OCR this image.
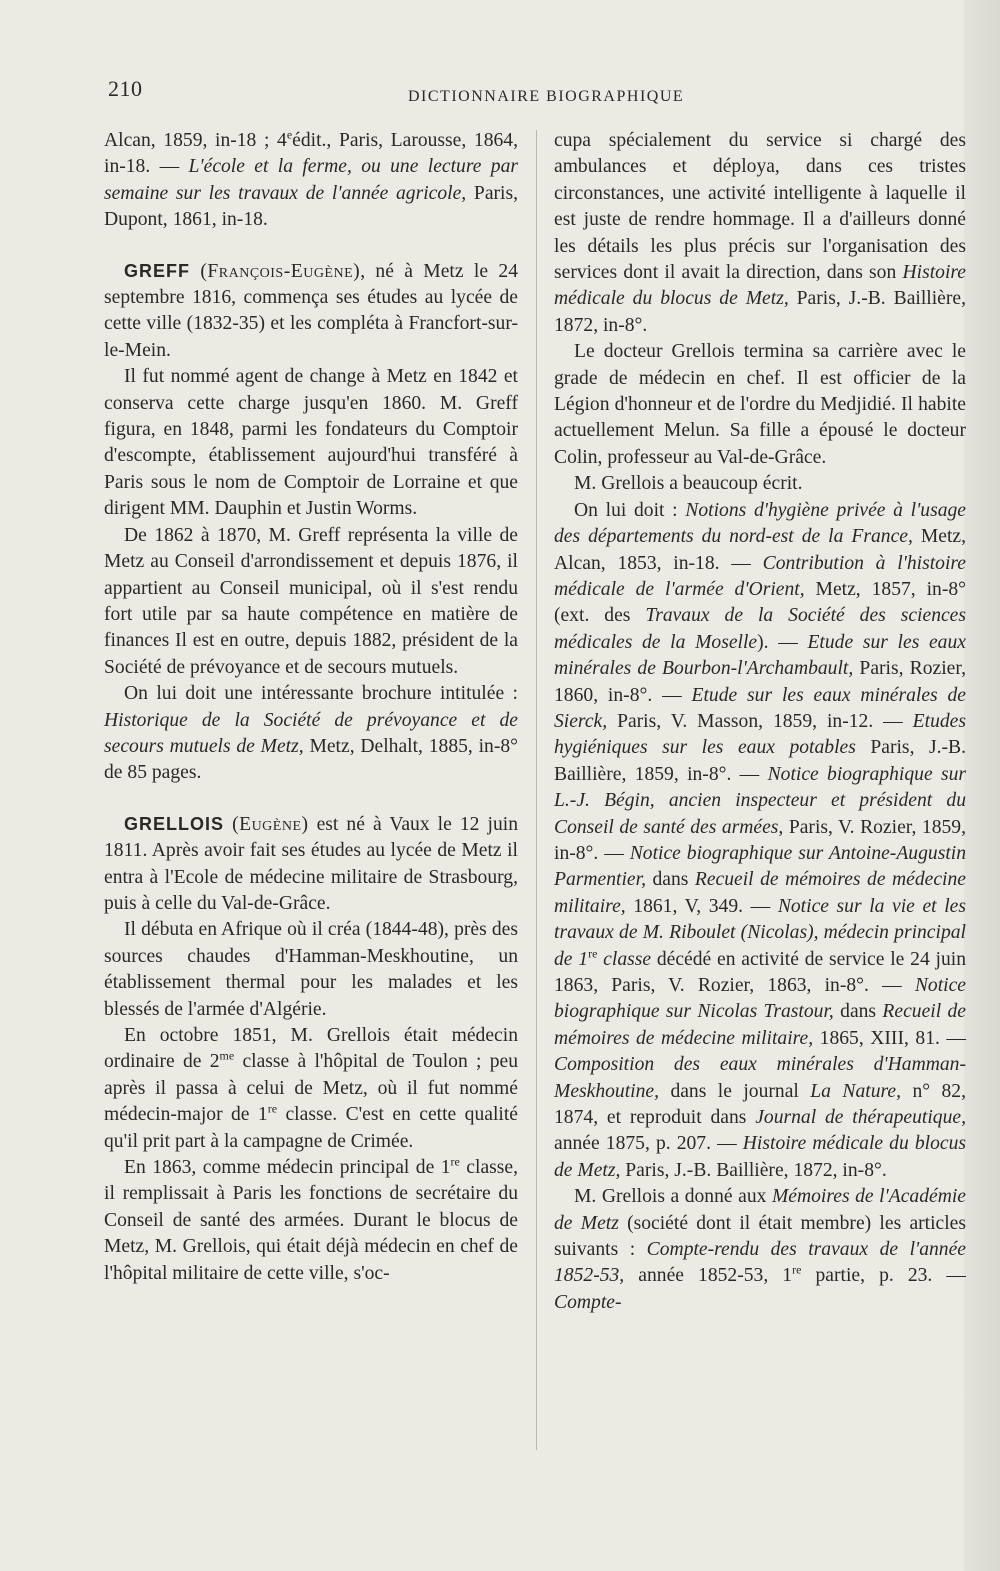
210	DICTIONNAIRE BIOGRAPHIQUE

Alcan, 1859, in-18 ; 4eédit., Paris, Larousse, 1864, in-18. — L'école et la ferme, ou une lecture par semaine sur les travaux de l'année agricole, Paris, Dupont, 1861, in-18.

GREFF (François-Eugène), né à Metz le 24 septembre 1816, commença ses études au lycée de cette ville (1832-35) et les compléta à Francfort-sur-le-Mein.

Il fut nommé agent de change à Metz en 1842 et conserva cette charge jusqu'en 1860. M. Greff figura, en 1848, parmi les fondateurs du Comptoir d'escompte, établissement aujourd'hui transféré à Paris sous le nom de Comptoir de Lorraine et que dirigent MM. Dauphin et Justin Worms.

De 1862 à 1870, M. Greff représenta la ville de Metz au Conseil d'arrondissement et depuis 1876, il appartient au Conseil municipal, où il s'est rendu fort utile par sa haute compétence en matière de finances Il est en outre, depuis 1882, président de la Société de prévoyance et de secours mutuels.

On lui doit une intéressante brochure intitulée : Historique de la Société de prévoyance et de secours mutuels de Metz, Metz, Delhalt, 1885, in-8° de 85 pages.

GRELLOIS (Eugène) est né à Vaux le 12 juin 1811. Après avoir fait ses études au lycée de Metz il entra à l'Ecole de médecine militaire de Strasbourg, puis à celle du Val-de-Grâce.

Il débuta en Afrique où il créa (1844-48), près des sources chaudes d'Hamman-Meskhoutine, un établissement thermal pour les malades et les blessés de l'armée d'Algérie.

En octobre 1851, M. Grellois était médecin ordinaire de $2^{me}$ classe à l'hôpital de Toulon ; peu après il passa à celui de Metz, où il fut nommé médecin-major de 1re classe. C'est en cette qualité qu'il prit part à la campagne de Crimée.

En 1863, comme médecin principal de 1re classe, il remplissait à Paris les fonctions de secrétaire du Conseil de santé des armées. Durant le blocus de Metz, M. Grellois, qui était déjà médecin en chef de l'hôpital militaire de cette ville, s'oc-

cupa spécialement du service si chargé des ambulances et déploya, dans ces tristes circonstances, une activité intelligente à laquelle il est juste de rendre hommage. Il a d'ailleurs donné les détails les plus précis sur l'organisation des services dont il avait la direction, dans son Histoire médicale du blocus de Metz, Paris, J.-B. Baillière, 1872, in-8°.

Le docteur Grellois termina sa carrière avec le grade de médecin en chef. Il est officier de la Légion d'honneur et de l'ordre du Medjidié. Il habite actuellement Melun. Sa fille a épousé le docteur Colin, professeur au Val-de-Grâce.

M. Grellois a beaucoup écrit.

On lui doit : Notions d'hygiène privée à l'usage des départements du nord-est de la France, Metz, Alcan, 1853, in-18. — Contribution à l'histoire médicale de l'armée d'Orient, Metz, 1857, in-8° (ext. des Travaux de la Société des sciences médicales de la Moselle). — Etude sur les eaux minérales de Bourbon-l'Archambault, Paris, Rozier, 1860, in-8°. — Etude sur les eaux minérales de Sierck, Paris, V. Masson, 1859, in-12. — Etudes hygiéniques sur les eaux potables Paris, J.-B. Baillière, 1859, in-8°. — Notice biographique sur L.-J. Bégin, ancien inspecteur et président du Conseil de santé des armées, Paris, V. Rozier, 1859, in-8°. — Notice biographique sur Antoine-Augustin Parmentier, dans Recueil de mémoires de médecine militaire, 1861, V, 349. — Notice sur la vie et les travaux de M. Riboulet (Nicolas), médecin principal de 1re classe décédé en activité de service le 24 juin 1863, Paris, V. Rozier, 1863, in-8°. — Notice biographique sur Nicolas Trastour, dans Recueil de mémoires de médecine militaire, 1865, XIII, 81. — Composition des eaux minérales d'Hamman-Meskhoutine, dans le journal La Nature, n° 82, 1874, et reproduit dans Journal de thérapeutique, année 1875, p. 207. — Histoire médicale du blocus de Metz, Paris, J.-B. Baillière, 1872, in-8°.

M. Grellois a donné aux Mémoires de l'Académie de Metz (société dont il était membre) les articles suivants : Compte-rendu des travaux de l'année 1852-53, année 1852-53, 1re partie, p. 23. —Compte-
